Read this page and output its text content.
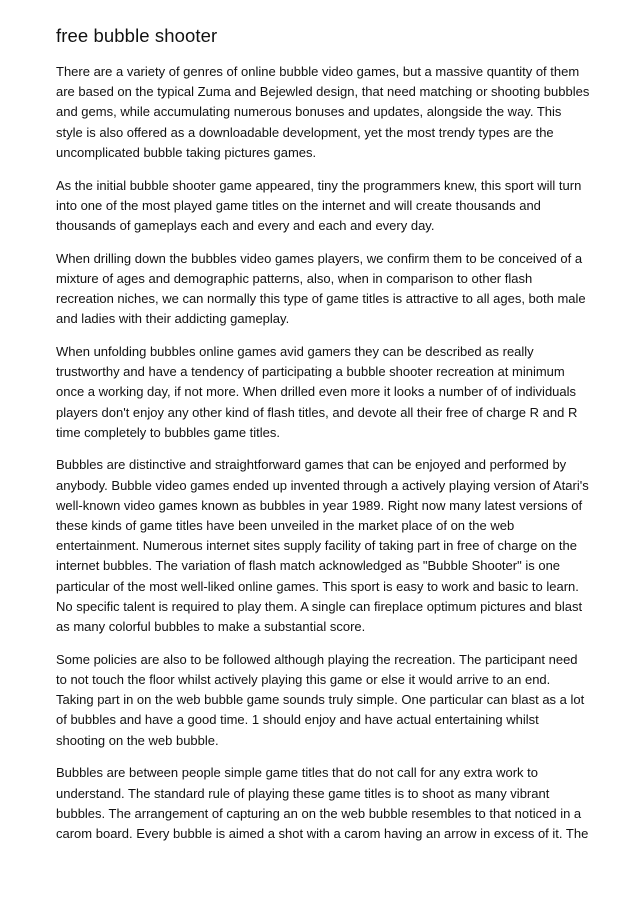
free bubble shooter

There are a variety of genres of online bubble video games, but a massive quantity of them are based on the typical Zuma and Bejewled design, that need matching or shooting bubbles and gems, while accumulating numerous bonuses and updates, alongside the way. This style is also offered as a downloadable development, yet the most trendy types are the uncomplicated bubble taking pictures games.

As the initial bubble shooter game appeared, tiny the programmers knew, this sport will turn into one of the most played game titles on the internet and will create thousands and thousands of gameplays each and every and each and every day.

When drilling down the bubbles video games players, we confirm them to be conceived of a mixture of ages and demographic patterns, also, when in comparison to other flash recreation niches, we can normally this type of game titles is attractive to all ages, both male and ladies with their addicting gameplay.

When unfolding bubbles online games avid gamers they can be described as really trustworthy and have a tendency of participating a bubble shooter recreation at minimum once a working day, if not more. When drilled even more it looks a number of of individuals players don't enjoy any other kind of flash titles, and devote all their free of charge R and R time completely to bubbles game titles.

Bubbles are distinctive and straightforward games that can be enjoyed and performed by anybody. Bubble video games ended up invented through a actively playing version of Atari's well-known video games known as bubbles in year 1989. Right now many latest versions of these kinds of game titles have been unveiled in the market place of on the web entertainment. Numerous internet sites supply facility of taking part in free of charge on the internet bubbles. The variation of flash match acknowledged as "Bubble Shooter" is one particular of the most well-liked online games. This sport is easy to work and basic to learn. No specific talent is required to play them. A single can fireplace optimum pictures and blast as many colorful bubbles to make a substantial score.

Some policies are also to be followed although playing the recreation. The participant need to not touch the floor whilst actively playing this game or else it would arrive to an end. Taking part in on the web bubble game sounds truly simple. One particular can blast as a lot of bubbles and have a good time. 1 should enjoy and have actual entertaining whilst shooting on the web bubble.

Bubbles are between people simple game titles that do not call for any extra work to understand. The standard rule of playing these game titles is to shoot as many vibrant bubbles. The arrangement of capturing an on the web bubble resembles to that noticed in a carom board. Every bubble is aimed a shot with a carom having an arrow in excess of it. The
